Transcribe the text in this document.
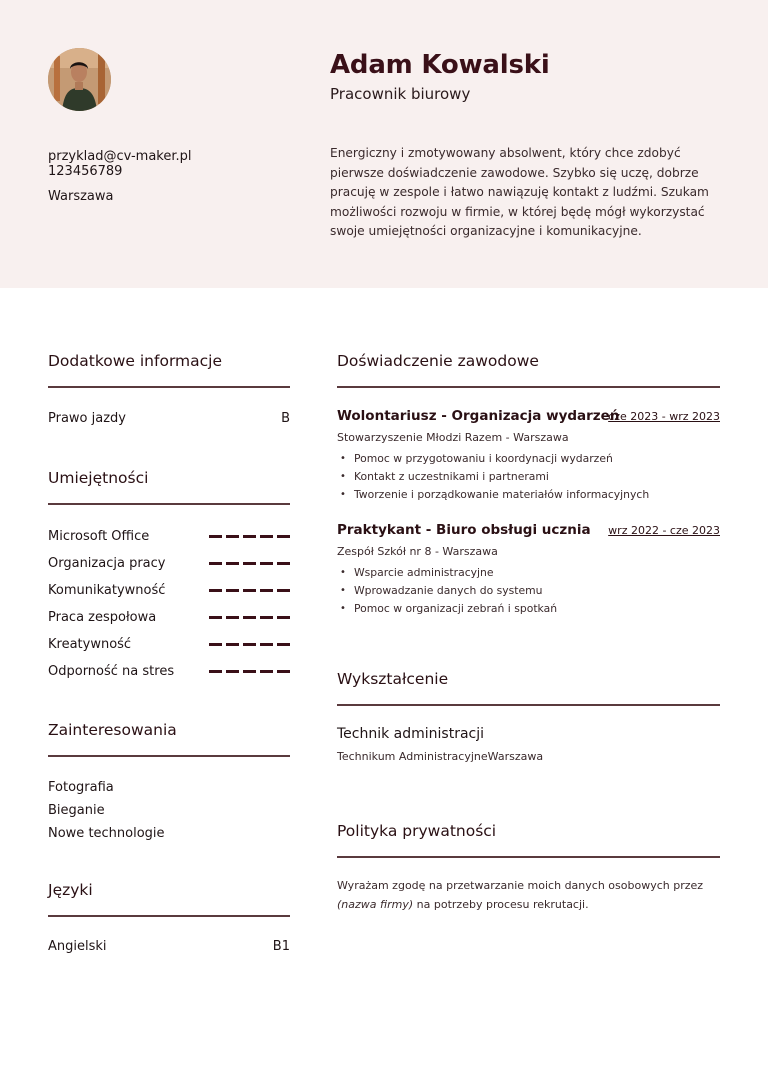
przyklad@cv-maker.pl
123456789
Warszawa
Adam Kowalski
Pracownik biurowy
Energiczny i zmotywowany absolwent, który chce zdobyć pierwsze doświadczenie zawodowe. Szybko się uczę, dobrze pracuję w zespole i łatwo nawiązuję kontakt z ludźmi. Szukam możliwości rozwoju w firmie, w której będę mógł wykorzystać swoje umiejętności organizacyjne i komunikacyjne.
Dodatkowe informacje
Prawo jazdy	B
Umiejętności
Microsoft Office
Organizacja pracy
Komunikatywność
Praca zespołowa
Kreatywność
Odporność na stres
Zainteresowania
Fotografia
Bieganie
Nowe technologie
Języki
Angielski	B1
Doświadczenie zawodowe
Wolontariusz - Organizacja wydarzeń
cze 2023 - wrz 2023
Stowarzyszenie Młodzi Razem - Warszawa
• Pomoc w przygotowaniu i koordynacji wydarzeń
• Kontakt z uczestnikami i partnerami
• Tworzenie i porządkowanie materiałów informacyjnych
Praktykant - Biuro obsługi ucznia wrz 2022 - cze 2023
Zespół Szkół nr 8 - Warszawa
• Wsparcie administracyjne
• Wprowadzanie danych do systemu
• Pomoc w organizacji zebrań i spotkań
Wykształcenie
Technik administracji
Technikum AdministracyjneWarszawa
Polityka prywatności
Wyrażam zgodę na przetwarzanie moich danych osobowych przez (nazwa firmy) na potrzeby procesu rekrutacji.
